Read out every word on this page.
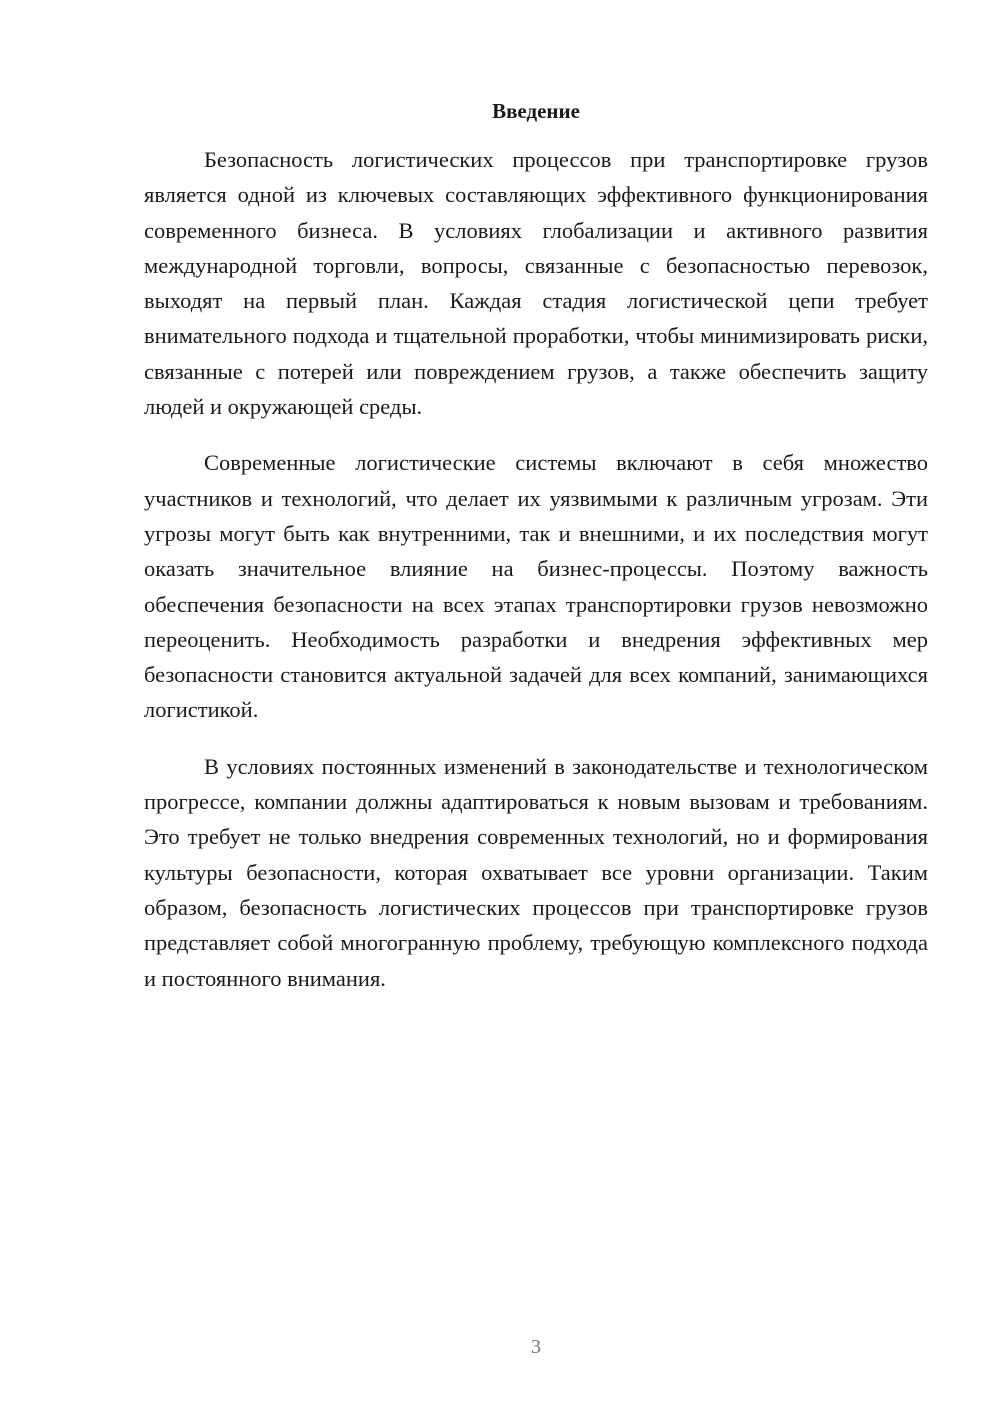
Введение

Безопасность логистических процессов при транспортировке грузов является одной из ключевых составляющих эффективного функционирования современного бизнеса. В условиях глобализации и активного развития международной торговли, вопросы, связанные с безопасностью перевозок, выходят на первый план. Каждая стадия логистической цепи требует внимательного подхода и тщательной проработки, чтобы минимизировать риски, связанные с потерей или повреждением грузов, а также обеспечить защиту людей и окружающей среды.

Современные логистические системы включают в себя множество участников и технологий, что делает их уязвимыми к различным угрозам. Эти угрозы могут быть как внутренними, так и внешними, и их последствия могут оказать значительное влияние на бизнес-процессы. Поэтому важность обеспечения безопасности на всех этапах транспортировки грузов невозможно переоценить. Необходимость разработки и внедрения эффективных мер безопасности становится актуальной задачей для всех компаний, занимающихся логистикой.

В условиях постоянных изменений в законодательстве и технологическом прогрессе, компании должны адаптироваться к новым вызовам и требованиям. Это требует не только внедрения современных технологий, но и формирования культуры безопасности, которая охватывает все уровни организации. Таким образом, безопасность логистических процессов при транспортировке грузов представляет собой многогранную проблему, требующую комплексного подхода и постоянного внимания.

3
